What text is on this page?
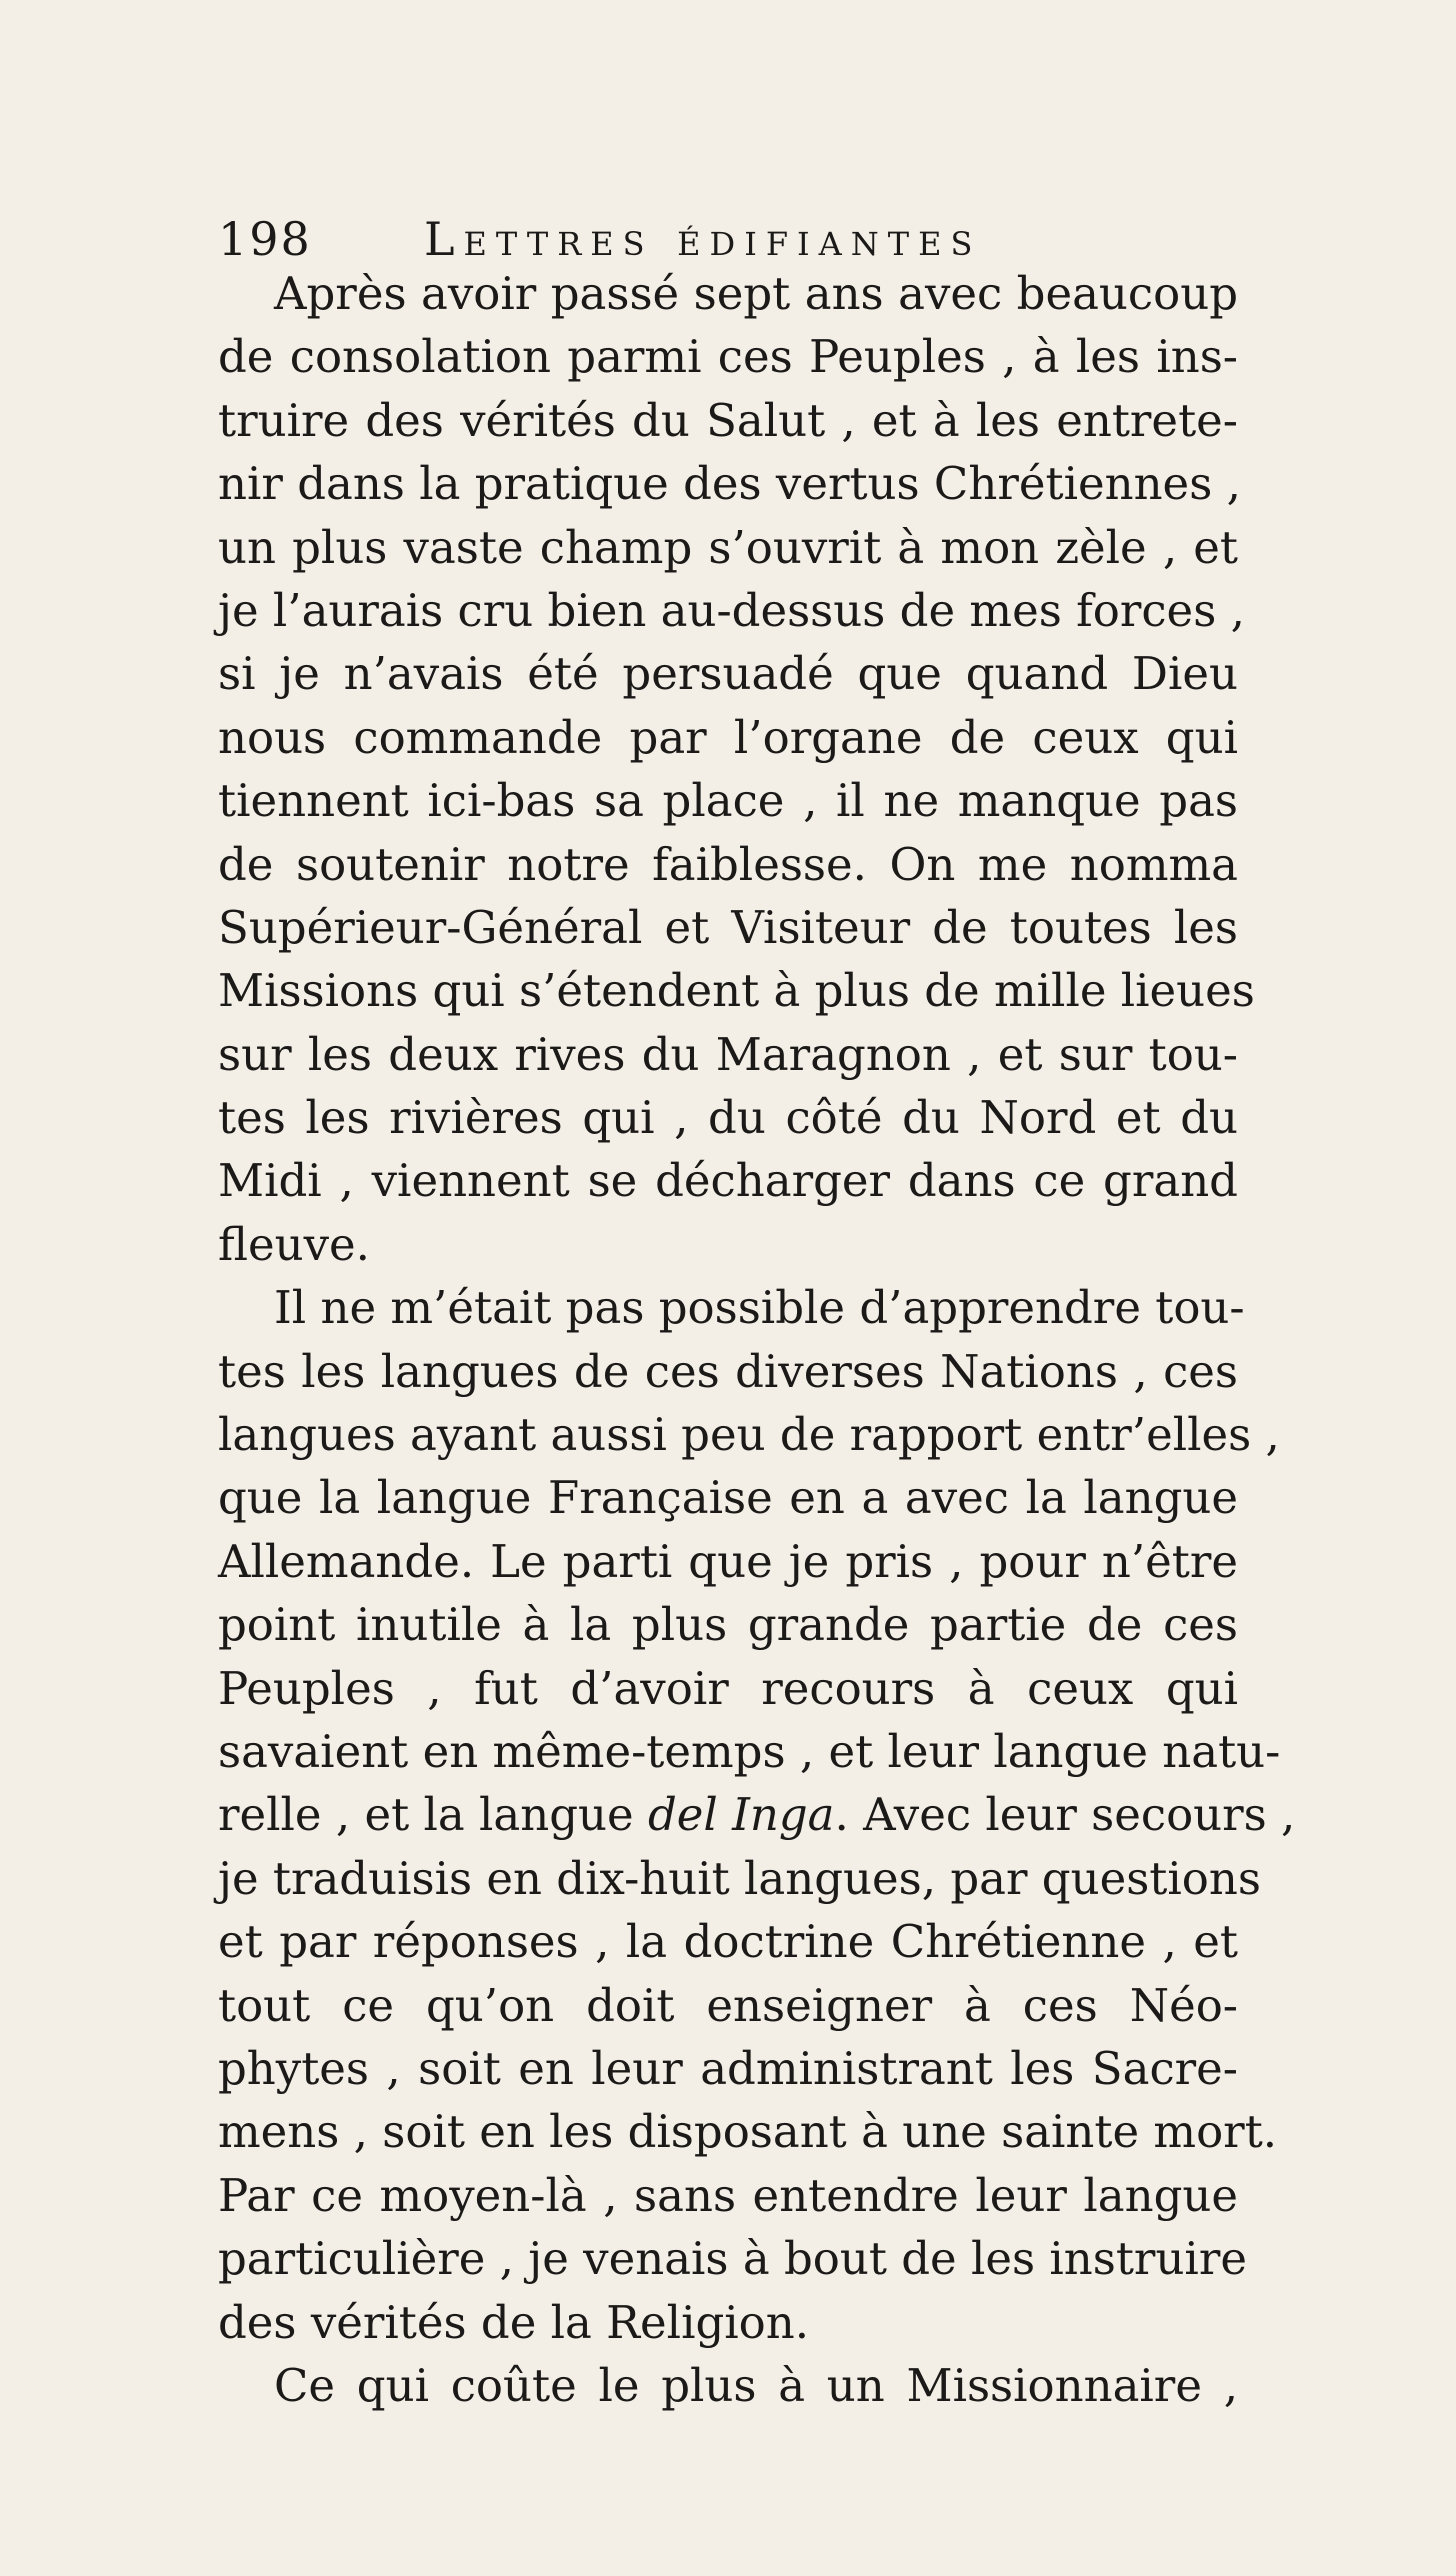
198 Lettres édifiantes
Après avoir passé sept ans avec beaucoup
de consolation parmi ces Peuples , à les ins-
truire des vérités du Salut , et à les entrete-
nir dans la pratique des vertus Chrétiennes ,
un plus vaste champ s’ouvrit à mon zèle , et
je l’aurais cru bien au-dessus de mes forces ,
si je n’avais été persuadé que quand Dieu
nous commande par l’organe de ceux qui
tiennent ici-bas sa place , il ne manque pas
de soutenir notre faiblesse. On me nomma
Supérieur-Général et Visiteur de toutes les
Missions qui s’étendent à plus de mille lieues
sur les deux rives du Maragnon , et sur tou-
tes les rivières qui , du côté du Nord et du
Midi , viennent se décharger dans ce grand
fleuve.
Il ne m’était pas possible d’apprendre tou-
tes les langues de ces diverses Nations , ces
langues ayant aussi peu de rapport entr’elles ,
que la langue Française en a avec la langue
Allemande. Le parti que je pris , pour n’être
point inutile à la plus grande partie de ces
Peuples , fut d’avoir recours à ceux qui
savaient en même-temps , et leur langue natu-
relle , et la langue del Inga. Avec leur secours ,
je traduisis en dix-huit langues, par questions
et par réponses , la doctrine Chrétienne , et
tout ce qu’on doit enseigner à ces Néo-
phytes , soit en leur administrant les Sacre-
mens , soit en les disposant à une sainte mort.
Par ce moyen-là , sans entendre leur langue
particulière , je venais à bout de les instruire
des vérités de la Religion.
Ce qui coûte le plus à un Missionnaire ,
